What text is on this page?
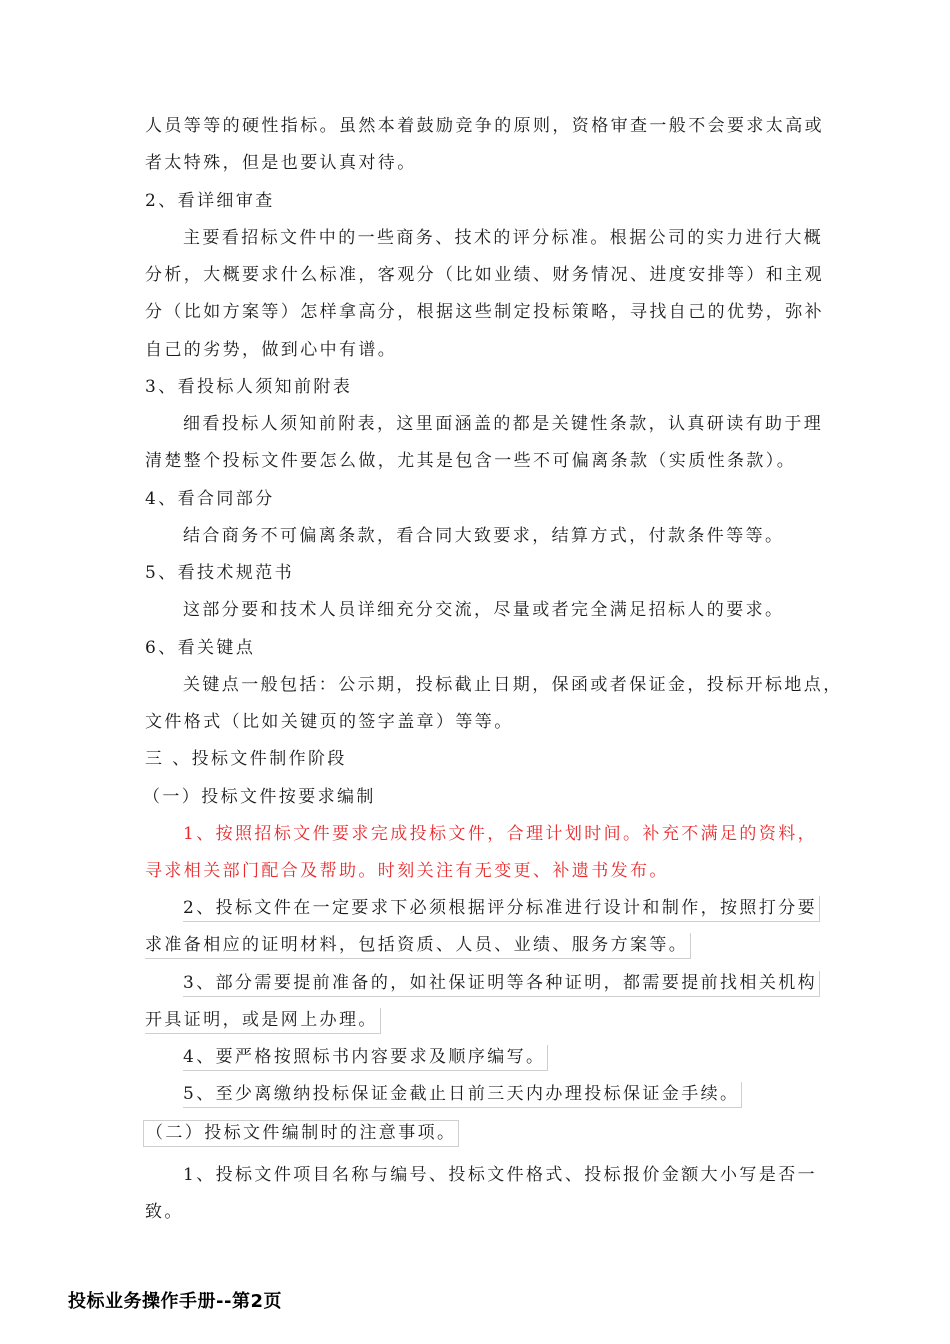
人员等等的硬性指标。虽然本着鼓励竞争的原则，资格审查一般不会要求太高或

者太特殊，但是也要认真对待。

2、看详细审查

主要看招标文件中的一些商务、技术的评分标准。根据公司的实力进行大概

分析，大概要求什么标准，客观分（比如业绩、财务情况、进度安排等）和主观

分（比如方案等）怎样拿高分，根据这些制定投标策略，寻找自己的优势，弥补

自己的劣势，做到心中有谱。

3、看投标人须知前附表

细看投标人须知前附表，这里面涵盖的都是关键性条款，认真研读有助于理

清楚整个投标文件要怎么做，尤其是包含一些不可偏离条款（实质性条款）。

4、看合同部分

结合商务不可偏离条款，看合同大致要求，结算方式，付款条件等等。

5、看技术规范书

这部分要和技术人员详细充分交流，尽量或者完全满足招标人的要求。

6、看关键点

关键点一般包括：公示期，投标截止日期，保函或者保证金，投标开标地点，

文件格式（比如关键页的签字盖章）等等。

三 、投标文件制作阶段

（一）投标文件按要求编制

1、按照招标文件要求完成投标文件，合理计划时间。补充不满足的资料，

寻求相关部门配合及帮助。时刻关注有无变更、补遗书发布。

2、投标文件在一定要求下必须根据评分标准进行设计和制作，按照打分要

求准备相应的证明材料，包括资质、人员、业绩、服务方案等。

3、部分需要提前准备的，如社保证明等各种证明，都需要提前找相关机构

开具证明，或是网上办理。

4、要严格按照标书内容要求及顺序编写。

5、至少离缴纳投标保证金截止日前三天内办理投标保证金手续。

（二）投标文件编制时的注意事项。

1、投标文件项目名称与编号、投标文件格式、投标报价金额大小写是否一

致。

投标业务操作手册--第2页
